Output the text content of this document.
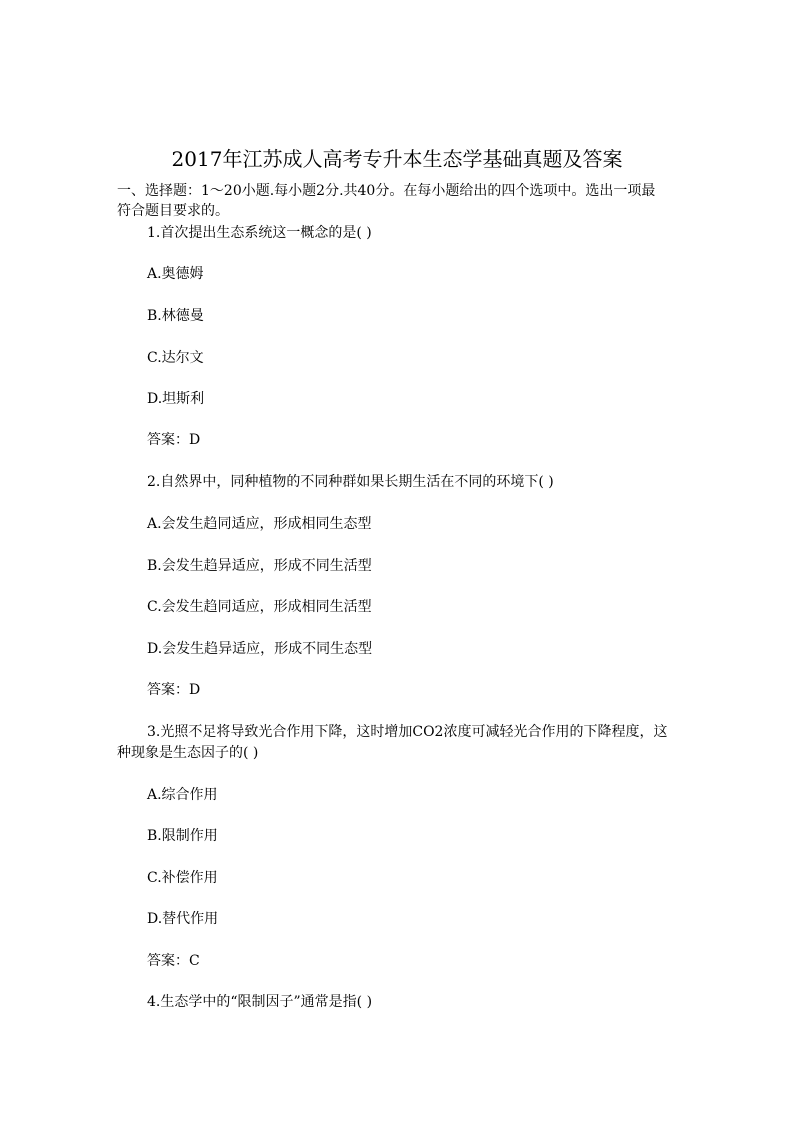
2017年江苏成人高考专升本生态学基础真题及答案
一、选择题：1～20小题.每小题2分.共40分。在每小题给出的四个选项中。选出一项最
符合题目要求的。
1.首次提出生态系统这一概念的是( )
A.奥德姆
B.林德曼
C.达尔文
D.坦斯利
答案：D
2.自然界中，同种植物的不同种群如果长期生活在不同的环境下( )
A.会发生趋同适应，形成相同生态型
B.会发生趋异适应，形成不同生活型
C.会发生趋同适应，形成相同生活型
D.会发生趋异适应，形成不同生态型
答案：D
3.光照不足将导致光合作用下降，这时增加CO2浓度可减轻光合作用的下降程度，这
种现象是生态因子的( )
A.综合作用
B.限制作用
C.补偿作用
D.替代作用
答案：C
4.生态学中的“限制因子”通常是指( )
